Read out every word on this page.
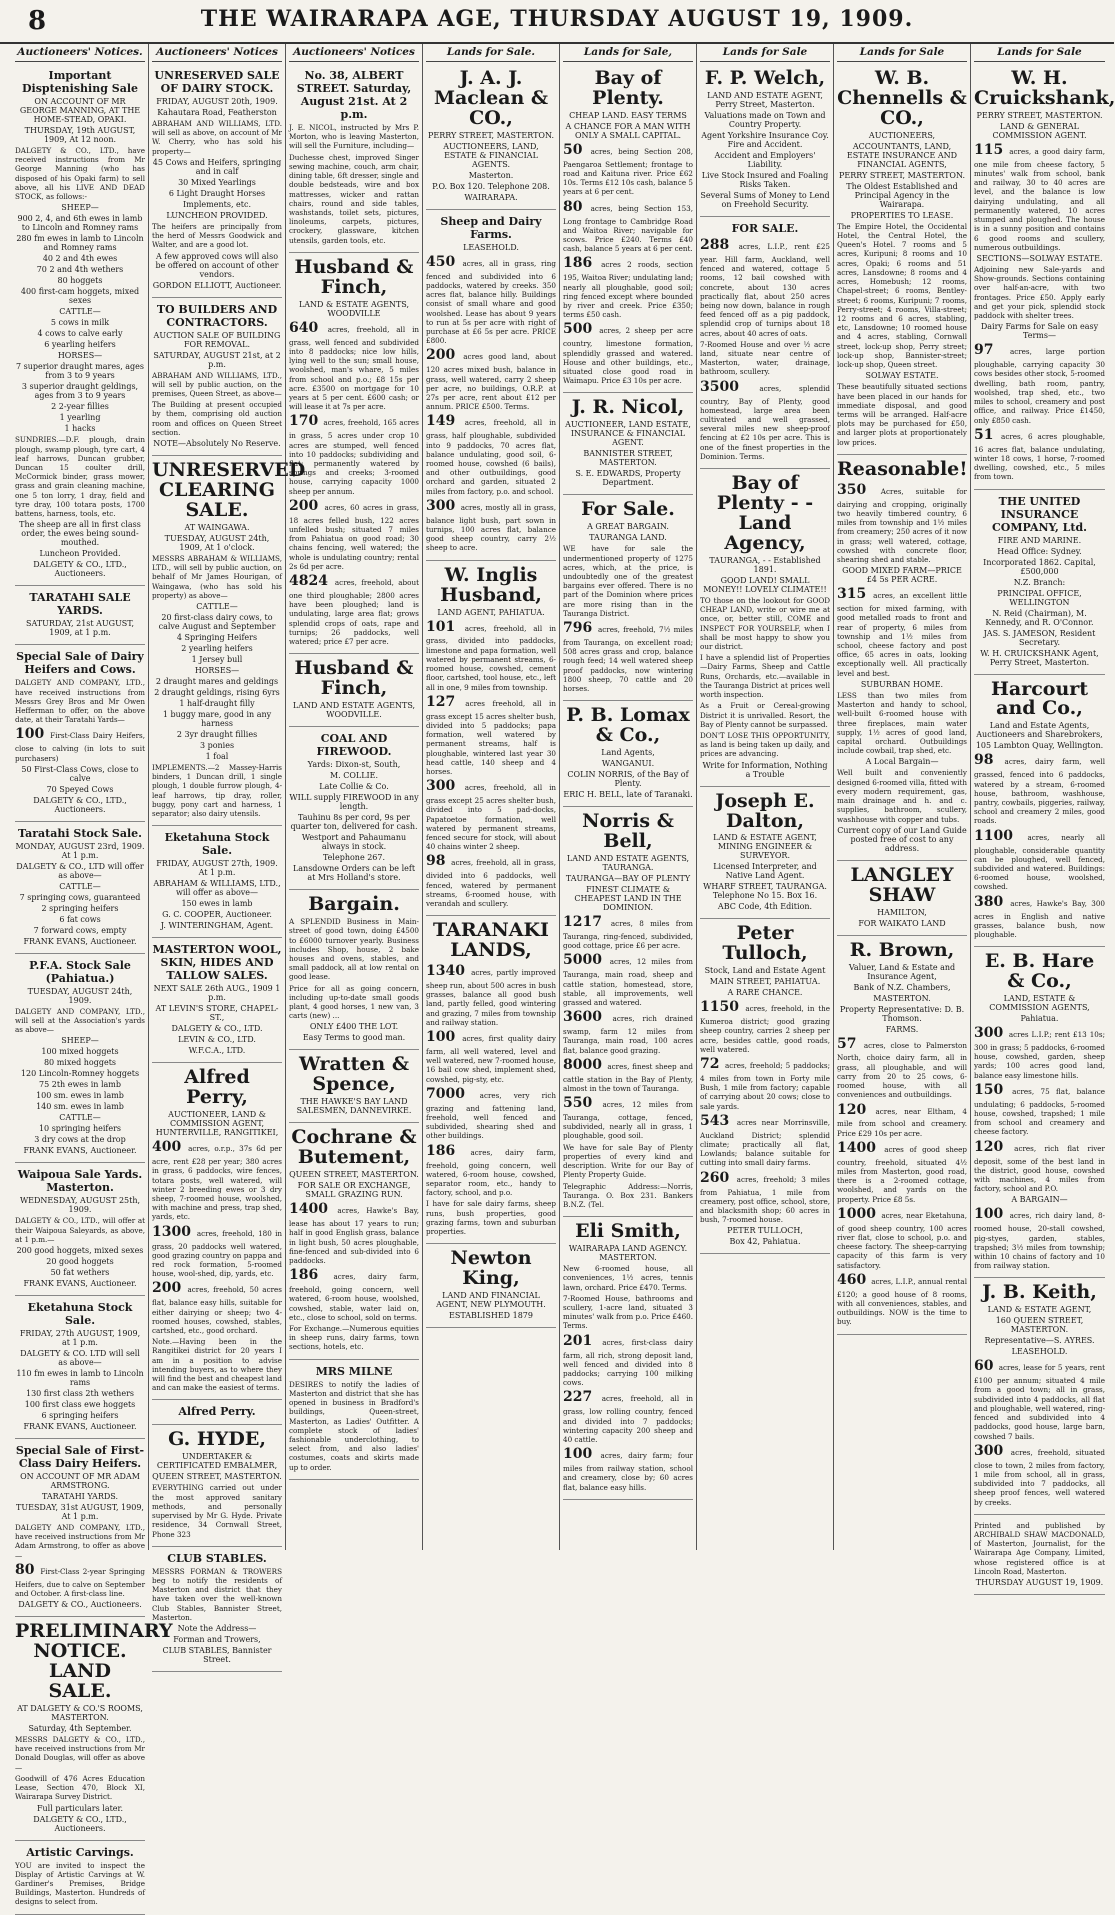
8	THE WAIRARAPA AGE, THURSDAY AUGUST 19, 1909.
Auctioneers' Notices.
Important Disptenishing Sale

ON ACCOUNT OF MR GEORGE MANNING, AT THE HOME-STEAD, OPAKI.

THURSDAY, 19th AUGUST, 1909, At 12 noon.

DALGETY & CO., LTD., have received instructions from Mr George Manning (who has disposed of his Opaki farm) to sell above, all his LIVE AND DEAD STOCK, as follows:-

SHEEP—

900 2, 4, and 6th ewes in lamb to Lincoln and Romney rams

280 fm ewes in lamb to Lincoln and Romney rams

40 2 and 4th ewes

70 2 and 4th wethers

80 hoggets

400 first-cam hoggets, mixed sexes

CATTLE—

5 cows in milk

4 cows to calve early

6 yearling heifers

HORSES—

7 superior draught mares, ages from 3 to 9 years

3 superior draught geldings, ages from 3 to 9 years

2 2-year fillies

1 yearling

1 hacks

SUNDRIES.—D.F. plough, drain plough, swamp plough, tyre cart, 4 leaf harrows, Duncan grubber, Duncan 15 coulter drill, McCormick binder, grass mower, grass and grain cleaning machine, one 5 ton lorry, 1 dray, field and tyre dray, 100 totara posts, 1700 battens, harness, tools, etc.

The sheep are all in first class order, the ewes being sound-mouthed.

Luncheon Provided.

DALGETY & CO., LTD., Auctioneers.

TARATAHI SALE YARDS.

SATURDAY, 21st AUGUST, 1909, at 1 p.m.

Special Sale of Dairy Heifers and Cows.

DALGETY AND COMPANY, LTD., have received instructions from Messrs Grey Bros and Mr Owen Hefferman to offer, on the above date, at their Taratahi Yards—

100 First-Class Dairy Heifers, close to calving (in lots to suit purchasers)

50 First-Class Cows, close to calve

70 Speyed Cows

DALGETY & CO., LTD., Auctioneers.

Taratahi Stock Sale.

MONDAY, AUGUST 23rd, 1909. At 1 p.m.

DALGETY & CO., LTD will offer as above—

CATTLE—

7 springing cows, guaranteed

2 springing heifers

6 fat cows

7 forward cows, empty

FRANK EVANS, Auctioneer.

P.F.A. Stock Sale (Pahiatua.)

TUESDAY, AUGUST 24th, 1909.

DALGETY AND COMPANY, LTD., will sell at the Association's yards as above—

SHEEP—

100 mixed hoggets

80 mixed hoggets

120 Lincoln-Romney hoggets

75 2th ewes in lamb

100 sm. ewes in lamb

140 sm. ewes in lamb

CATTLE—

10 springing heifers

3 dry cows at the drop

FRANK EVANS, Auctioneer.

Waipoua Sale Yards. Masterton.

WEDNESDAY, AUGUST 25th, 1909.

DALGETY & CO., LTD., will offer at their Waipoua Saleyards, as above, at 1 p.m.—

200 good hoggets, mixed sexes

20 good hoggets

50 fat wethers

FRANK EVANS, Auctioneer.

Eketahuna Stock Sale.

FRIDAY, 27th AUGUST, 1909, at 1 p.m.

DALGETY & CO. LTD will sell as above—

110 fm ewes in lamb to Lincoln rams

130 first class 2th wethers

100 first class ewe hoggets

6 springing heifers

FRANK EVANS, Auctioneer.

Special Sale of First-Class Dairy Heifers.

ON ACCOUNT OF MR ADAM ARMSTRONG.

TARATAHI YARDS.

TUESDAY, 31st AUGUST, 1909, At 1 p.m.

DALGETY AND COMPANY, LTD., have received instructions from Mr Adam Armstrong, to offer as above—

80 First-Class 2-year Springing Heifers, due to calve on September and October. A first-class line.

DALGETY & CO., Auctioneers.

PRELIMINARY NOTICE. LAND SALE.

AT DALGETY & CO.'S ROOMS, MASTERTON.

Saturday, 4th September.

MESSRS DALGETY & CO., LTD., have received instructions from Mr Donald Douglas, will offer as above—

Goodwill of 476 Acres Education Lease, Section 470, Block XI, Wairarapa Survey District.

Full particulars later.

DALGETY & CO., LTD., Auctioneers.

Artistic Carvings.

YOU are invited to inspect the Display of Artistic Carvings at W. Gardiner's Premises, Bridge Buildings, Masterton. Hundreds of designs to select from.

Auctioneers' Notices
UNRESERVED SALE OF DAIRY STOCK.

FRIDAY, AUGUST 20th, 1909.

Kahautara Road, Featherston

ABRAHAM AND WILLIAMS, LTD. will sell as above, on account of Mr W. Cherry, who has sold his property—

45 Cows and Heifers, springing and in calf

30 Mixed Yearlings

6 Light Draught Horses

Implements, etc.

LUNCHEON PROVIDED.

The heifers are principally from the herd of Messrs Goodwick and Walter, and are a good lot.

A few approved cows will also be offered on account of other vendors.

GORDON ELLIOTT, Auctioneer.

TO BUILDERS AND CONTRACTORS.

AUCTION SALE OF BUILDING FOR REMOVAL.

SATURDAY, AUGUST 21st, at 2 p.m.

ABRAHAM AND WILLIAMS, LTD., will sell by public auction, on the premises, Queen Street, as above—

The Building at present occupied by them, comprising old auction room and offices on Queen Street section.

NOTE—Absolutely No Reserve.

UNRESERVED CLEARING SALE.

AT WAINGAWA.

TUESDAY, AUGUST 24th, 1909, At 1 o'clock.

MESSRS ABRAHAM & WILLIAMS, LTD., will sell by public auction, on behalf of Mr James Hourigan, of Waingawa, (who has sold his property) as above—

CATTLE—

20 first-class dairy cows, to calve August and September

4 Springing Heifers

2 yearling heifers

1 Jersey bull

HORSES—

2 draught mares and geldings

2 draught geldings, rising 6yrs

1 half-draught filly

1 buggy mare, good in any harness

2 3yr draught fillies

3 ponies

1 foal

IMPLEMENTS.—2 Massey-Harris binders, 1 Duncan drill, 1 single plough, 1 double furrow plough, 4-leaf harrows, tip dray, roller, buggy, pony cart and harness, 1 separator; also dairy utensils.

Eketahuna Stock Sale.

FRIDAY, AUGUST 27th, 1909. At 1 p.m.

ABRAHAM & WILLIAMS, LTD., will offer as above—

150 ewes in lamb

G. C. COOPER, Auctioneer.

J. WINTERINGHAM, Agent.

MASTERTON WOOL, SKIN, HIDES AND TALLOW SALES.

NEXT SALE 26th AUG., 1909 1 p.m.

AT LEVIN'S STORE, CHAPEL-ST.,

DALGETY & CO., LTD.

LEVIN & CO., LTD.

W.F.C.A., LTD.

Alfred Perry,

AUCTIONEER, LAND & COMMISSION AGENT, HUNTERVILLE, RANGITIKEI,

400 acres, o.r.p., 37s 6d per acre, rent £28 per year; 380 acres in grass, 6 paddocks, wire fences, totara posts, well watered, will winter 2 breeding ewes or 3 dry sheep, 7-roomed house, woolshed, with machine and press, trap shed, yards, etc.

1300 acres, freehold, 180 in grass, 20 paddocks well watered, good grazing country on pappa and red rock formation, 5-roomed house, wool-shed, dip, yards, etc.

200 acres, freehold, 50 acres flat, balance easy hills, suitable for either dairying or sheep; two 4-roomed houses, cowshed, stables, cartshed, etc., good orchard.

Note.—Having been in the Rangitikei district for 20 years I am in a position to advise intending buyers, as to where they will find the best and cheapest land and can make the easiest of terms.

Alfred Perry.
G. HYDE,

UNDERTAKER & CERTIFICATED EMBALMER,

QUEEN STREET, MASTERTON.

EVERYTHING carried out under the most approved sanitary methods, and personally supervised by Mr G. Hyde. Private residence, 34 Cornwall Street, Phone 323

CLUB STABLES.

MESSRS FORMAN & TROWERS beg to notify the residents of Masterton and district that they have taken over the well-known Club Stables, Bannister Street, Masterton.

Note the Address—

Forman and Trowers,

CLUB STABLES, Bannister Street.

Auctioneers' Notices
No. 38, ALBERT STREET. Saturday, August 21st. At 2 p.m.

J. E. NICOL, instructed by Mrs P. Morton, who is leaving Masterton, will sell the Furniture, including—

Duchesse chest, improved Singer sewing machine, couch, arm chair, dining table, 6ft dresser, single and double bedsteads, wire and box mattresses, wicker and rattan chairs, round and side tables, washstands, toilet sets, pictures, linoleums, carpets, pictures, crockery, glassware, kitchen utensils, garden tools, etc.

Husband & Finch,

LAND & ESTATE AGENTS, WOODVILLE

640 acres, freehold, all in grass, well fenced and subdivided into 8 paddocks; nice low hills, lying well to the sun; small house, woolshed, man's whare, 5 miles from school and p.o.; £8 15s per acre. £3500 on mortgage for 10 years at 5 per cent. £600 cash; or will lease it at 7s per acre.

170 acres, freehold, 165 acres in grass, 5 acres under crop 10 acres are stumped, well fenced into 10 paddocks; subdividing and flat; permanently watered by springs and creeks; 3-roomed house, carrying capacity 1000 sheep per annum.

200 acres, 60 acres in grass, 18 acres felled bush, 122 acres unfelled bush; situated 7 miles from Pahiatua on good road; 30 chains fencing, well watered; the whole is undulating country; rental 2s 6d per acre.

4824 acres, freehold, about one third ploughable; 2800 acres have been ploughed; land is undulating, large area flat; grows splendid crops of oats, rape and turnips; 26 paddocks, well watered; price £7 per acre.

Husband & Finch,

LAND AND ESTATE AGENTS, WOODVILLE.

COAL AND FIREWOOD.

Yards: Dixon-st, South,

M. COLLIE.

Late Collie & Co.

WILL supply FIREWOOD in any length.

Tauhinu 8s per cord, 9s per quarter ton, delivered for cash.

Westport and Pahaumanu always in stock.

Telephone 267.

Lansdowne Orders can be left at Mrs Holland's store.

Bargain.

A SPLENDID Business in Main-street of good town, doing £4500 to £6000 turnover yearly. Business includes Shop, house, 2 bake houses and ovens, stables, and small paddock, all at low rental on good lease.

Price for all as going concern, including up-to-date small goods plant, 4 good horses, 1 new van, 3 carts (new) ...

ONLY £400 THE LOT.

Easy Terms to good man.

Wratten & Spence,

THE HAWKE'S BAY LAND SALESMEN, DANNEVIRKE.

Cochrane & Butement,

QUEEN STREET, MASTERTON.

FOR SALE OR EXCHANGE, SMALL GRAZING RUN.

1400 acres, Hawke's Bay, lease has about 17 years to run; half in good English grass, balance in light bush, 50 acres ploughable, fine-fenced and sub-divided into 6 paddocks.

186 acres, dairy farm, freehold, going concern, well watered, 6-room house, woolshed, cowshed, stable, water laid on, etc., close to school, sold on terms.

For Exchange.—Numerous equities in sheep runs, dairy farms, town sections, hotels, etc.

MRS MILNE

DESIRES to notify the ladies of Masterton and district that she has opened in business in Bradford's buildings, Queen-street, Masterton, as Ladies' Outfitter. A complete stock of ladies' fashionable underclothing, to select from, and also ladies' costumes, coats and skirts made up to order.

Lands for Sale.
J. A. J. Maclean & CO.,

PERRY STREET, MASTERTON.

AUCTIONEERS, LAND, ESTATE & FINANCIAL AGENTS.

Masterton.

P.O. Box 120. Telephone 208.

WAIRARAPA.

Sheep and Dairy Farms.

LEASEHOLD.

450 acres, all in grass, ring fenced and subdivided into 6 paddocks, watered by creeks. 350 acres flat, balance hilly. Buildings consist of small whare and good woolshed. Lease has about 9 years to run at 5s per acre with right of purchase at £6 5s per acre. PRICE £800.

200 acres good land, about 120 acres mixed bush, balance in grass, well watered, carry 2 sheep per acre, no buildings, O.R.P. at 27s per acre, rent about £12 per annum. PRICE £500. Terms.

149 acres, freehold, all in grass, half ploughable, subdivided into 9 paddocks, 70 acres flat, balance undulating, good soil, 6-roomed house, cowshed (6 bails), and other outbuildings, good orchard and garden, situated 2 miles from factory, p.o. and school.

300 acres, mostly all in grass, balance light bush, part sown in turnips, 100 acres flat, balance good sheep country, carry 2½ sheep to acre.

W. Inglis Husband,

LAND AGENT, PAHIATUA.

101 acres, freehold, all in grass, divided into paddocks, limestone and papa formation, well watered by permanent streams, 6-roomed house, cowshed, cement floor, cartshed, tool house, etc., left all in one, 9 miles from township.

127 acres freehold, all in grass except 15 acres shelter bush, divided into 5 paddocks; papa formation, well watered by permanent streams, half is ploughable, wintered last year 30 head cattle, 140 sheep and 4 horses.

300 acres, freehold, all in grass except 25 acres shelter bush, divided into 5 pad-docks, Papatoetoe formation, well watered by permanent streams, fenced secure for stock, will about 40 chains winter 2 sheep.

98 acres, freehold, all in grass, divided into 6 paddocks, well fenced, watered by permanent streams, 6-roomed house, with verandah and scullery.

TARANAKI LANDS,

1340 acres, partly improved sheep run, about 500 acres in bush grasses, balance all good bush land, partly felled, good wintering and grazing, 7 miles from township and railway station.

100 acres, first quality dairy farm, all well watered, level and well watered, new 7-roomed house, 16 bail cow shed, implement shed, cowshed, pig-sty, etc.

7000 acres, very rich grazing and fattening land, freehold, well fenced and subdivided, shearing shed and other buildings.

186 acres, dairy farm, freehold, going concern, well watered, 6-room house, cowshed, separator room, etc., handy to factory, school, and p.o.

I have for sale dairy farms, sheep runs, bush properties, good grazing farms, town and suburban properties.

Newton King,

LAND AND FINANCIAL AGENT, NEW PLYMOUTH.

ESTABLISHED 1879

Lands for Sale,
Bay of Plenty.

CHEAP LAND. EASY TERMS

A CHANCE FOR A MAN WITH ONLY A SMALL CAPITAL.

50 acres, being Section 208, Paengaroa Settlement; frontage to road and Kaituna river. Price £62 10s. Terms £12 10s cash, balance 5 years at 6 per cent.

80 acres, being Section 153, Long frontage to Cambridge Road and Waitoa River; navigable for scows. Price £240. Terms £40 cash, balance 5 years at 6 per cent.

186 acres 2 roods, section 195, Waitoa River; undulating land; nearly all ploughable, good soil; ring fenced except where bounded by river and creek. Price £350; terms £50 cash.

500 acres, 2 sheep per acre country, limestone formation, splendidly grassed and watered. House and other buildings, etc., situated close good road in Waimapu. Price £3 10s per acre.

J. R. Nicol,

AUCTIONEER, LAND ESTATE, INSURANCE & FINANCIAL AGENT.

BANNISTER STREET, MASTERTON.

S. E. EDWARDS, Property Department.

For Sale.

A GREAT BARGAIN.

TAURANGA LAND.

WE have for sale the undermentioned property of 1275 acres, which, at the price, is undoubtedly one of the greatest bargains ever offered. There is no part of the Dominion where prices are more rising than in the Tauranga District.

796 acres, freehold, 7½ miles from Tauranga, on excellent road; 508 acres grass and crop, balance rough feed; 14 well watered sheep proof paddocks, now wintering 1800 sheep, 70 cattle and 20 horses.

P. B. Lomax & Co.,

Land Agents,

WANGANUI.

COLIN NORRIS, of the Bay of Plenty.

ERIC H. BELL, late of Taranaki.

Norris & Bell,

LAND AND ESTATE AGENTS, TAURANGA.

TAURANGA—BAY OF PLENTY

FINEST CLIMATE & CHEAPEST LAND IN THE DOMINION.

1217 acres, 8 miles from Tauranga, ring-fenced, subdivided, good cottage, price £6 per acre.

5000 acres, 12 miles from Tauranga, main road, sheep and cattle station, homestead, store, stable, all improvements, well grassed and watered.

3600 acres, rich drained swamp, farm 12 miles from Tauranga, main road, 100 acres flat, balance good grazing.

8000 acres, finest sheep and cattle station in the Bay of Plenty, almost in the town of Tauranga.

550 acres, 12 miles from Tauranga, cottage, fenced, subdivided, nearly all in grass, 1 ploughable, good soil.

We have for sale Bay of Plenty properties of every kind and description. Write for our Bay of Plenty Property Guide.

Telegraphic Address:—Norris, Tauranga. O. Box 231. Bankers B.N.Z. (Tel.

Eli Smith,

WAIRARAPA LAND AGENCY. MASTERTON.

New 6-roomed house, all conveniences, 1½ acres, tennis lawn, orchard. Price £470. Terms.

7-Roomed House, bathrooms and scullery, 1-acre land, situated 3 minutes' walk from p.o. Price £460. Terms.

201 acres, first-class dairy farm, all rich, strong deposit land, well fenced and divided into 8 paddocks; carrying 100 milking cows.

227 acres, freehold, all in grass, low rolling country, fenced and divided into 7 paddocks; wintering capacity 200 sheep and 40 cattle.

100 acres, dairy farm; four miles from railway station, school and creamery, close by; 60 acres flat, balance easy hills.

Lands for Sale
F. P. Welch,

LAND AND ESTATE AGENT, Perry Street, Masterton.

Valuations made on Town and Country Property.

Agent Yorkshire Insurance Coy. Fire and Accident.

Accident and Employers' Liability.

Live Stock Insured and Foaling Risks Taken.

Several Sums of Money to Lend on Freehold Security.

FOR SALE.

288 acres, L.I.P., rent £25 year. Hill farm, Auckland, well fenced and watered, cottage 5 rooms, 12 bail cowshed with concrete, about 130 acres practically flat, about 250 acres being now down, balance in rough feed fenced off as a pig paddock, splendid crop of turnips about 18 acres, about 40 acres of oats.

7-Roomed House and over ½ acre land, situate near centre of Masterton, water, drainage, bathroom, scullery.

3500 acres, splendid country, Bay of Plenty, good homestead, large area been cultivated and well grassed, several miles new sheep-proof fencing at £2 10s per acre. This is one of the finest properties in the Dominion. Terms.

Bay of Plenty - - Land Agency,

TAURANGA, - - Established 1891.

GOOD LAND! SMALL MONEY!! LOVELY CLIMATE!!

TO those on the lookout for GOOD CHEAP LAND, write or wire me at once, or, better still, COME and INSPECT FOR YOURSELF, when I shall be most happy to show you our district.

I have a splendid list of Properties—Dairy Farms, Sheep and Cattle Runs, Orchards, etc.—available in the Tauranga District at prices well worth inspection.

As a Fruit or Cereal-growing District it is unrivalled. Resort, the Bay of Plenty cannot be surpassed.

DON'T LOSE THIS OPPORTUNITY, as land is being taken up daily, and prices are advancing.

Write for Information, Nothing a Trouble

Joseph E. Dalton,

LAND & ESTATE AGENT, MINING ENGINEER & SURVEYOR.

Licensed Interpreter, and Native Land Agent.

WHARF STREET, TAURANGA. Telephone No 15. Box 16.

ABC Code, 4th Edition.

Peter Tulloch,

Stock, Land and Estate Agent

MAIN STREET, PAHIATUA.

A RARE CHANCE.

1150 acres, freehold, in the Kumeroa district; good grazing sheep country, carries 2 sheep per acre, besides cattle, good roads, well watered.

72 acres, freehold; 5 paddocks; 4 miles from town in Forty mile Bush, 1 mile from factory; capable of carrying about 20 cows; close to sale yards.

543 acres near Morrinsville, Auckland District; splendid climate; practically all flat, Lowlands; balance suitable for cutting into small dairy farms.

260 acres, freehold; 3 miles from Pahiatua, 1 mile from creamery, post office, school, store, and blacksmith shop; 60 acres in bush, 7-roomed house.

PETER TULLOCH,

Box 42, Pahiatua.

Lands for Sale
W. B. Chennells & CO.,

AUCTIONEERS,

ACCOUNTANTS, LAND, ESTATE INSURANCE AND FINANCIAL AGENTS,

PERRY STREET, MASTERTON.

The Oldest Established and Principal Agency in the Wairarapa.

PROPERTIES TO LEASE.

The Empire Hotel, the Occidental Hotel, the Central Hotel, the Queen's Hotel. 7 rooms and 5 acres, Kuripuni; 8 rooms and 10 acres, Opaki; 6 rooms and 51 acres, Lansdowne; 8 rooms and 4 acres, Homebush; 12 rooms, Chapel-street; 6 rooms, Bentley-street; 6 rooms, Kuripuni; 7 rooms, Perry-street; 4 rooms, Villa-street; 12 rooms and 6 acres, stabling, etc, Lansdowne; 10 roomed house and 4 acres, stabling, Cornwall street, lock-up shop, Perry street; lock-up shop, Bannister-street; lock-up shop, Queen street.

SOLWAY ESTATE.

These beautifully situated sections have been placed in our hands for immediate disposal, and good terms will be arranged. Half-acre plots may be purchased for £50, and larger plots at proportionately low prices.

Reasonable!

350 Acres, suitable for dairying and cropping, originally two heavily timbered country, 6 miles from township and 1½ miles from creamery; 250 acres of it now in grass; well watered, cottage, cowshed with concrete floor, shearing shed and stable.

GOOD MIXED FARM—PRICE £4 5s PER ACRE.

315 acres, an excellent little section for mixed farming, with good metalled roads to front and rear of property, 6 miles from township and 1½ miles from school, cheese factory and post office, 65 acres in oats, looking exceptionally well. All practically level and best.

SUBURBAN HOME.

LESS than two miles from Masterton and handy to school, well-built 6-roomed house with three fireplaces, main water supply, 1½ acres of good land, capital orchard. Outbuildings include cowbail, trap shed, etc.

A Local Bargain—

Well built and conveniently designed 6-roomed villa, fitted with every modern requirement, gas, main drainage and h. and c. supplies, bathroom, scullery, washhouse with copper and tubs.

Current copy of our Land Guide posted free of cost to any address.

LANGLEY SHAW

HAMILTON,

FOR WAIKATO LAND

R. Brown,

Valuer, Land & Estate and Insurance Agent,

Bank of N.Z. Chambers,

MASTERTON.

Property Representative: D. B. Thomson.

FARMS.

57 acres, close to Palmerston North, choice dairy farm, all in grass, all ploughable, and will carry from 20 to 25 cows, 6-roomed house, with all conveniences and outbuildings.

120 acres, near Eltham, 4 mile from school and creamery. Price £29 10s per acre.

1400 acres of good sheep country, freehold, situated 4½ miles from Masterton, good road, there is a 2-roomed cottage, woolshed, and yards on the property. Price £8 5s.

1000 acres, near Eketahuna, of good sheep country, 100 acres river flat, close to school, p.o. and cheese factory. The sheep-carrying capacity of this farm is very satisfactory.

460 acres, L.I.P., annual rental £120; a good house of 8 rooms, with all conveniences, stables, and outbuildings. NOW is the time to buy.

Lands for Sale
W. H. Cruickshank,

PERRY STREET, MASTERTON.

LAND & GENERAL COMMISSION AGENT.

115 acres, a good dairy farm, one mile from cheese factory, 5 minutes' walk from school, bank and railway, 30 to 40 acres are level, and the balance is low dairying undulating, and all permanently watered, 10 acres stumped and ploughed. The house is in a sunny position and contains 6 good rooms and scullery, numerous outbuildings.

SECTIONS—SOLWAY ESTATE.

Adjoining new Sale-yards and Show-grounds. Sections containing over half-an-acre, with two frontages. Price £50. Apply early and get your pick, splendid stock paddock with shelter trees.

Dairy Farms for Sale on easy Terms—

97 acres, large portion ploughable, carrying capacity 30 cows besides other stock, 5-roomed dwelling, bath room, pantry, woolshed, trap shed, etc., two miles to school, creamery and post office, and railway. Price £1450, only £850 cash.

51 acres, 6 acres ploughable, 16 acres flat, balance undulating, winter 18 cows, 1 horse, 7-roomed dwelling, cowshed, etc., 5 miles from town.

THE UNITED INSURANCE COMPANY, Ltd.

FIRE AND MARINE.

Head Office: Sydney.

Incorporated 1862. Capital, £500,000

N.Z. Branch:

PRINCIPAL OFFICE, WELLINGTON

N. Reid (Chairman), M. Kennedy, and R. O'Connor.

JAS. S. JAMESON, Resident Secretary.

W. H. CRUICKSHANK Agent, Perry Street, Masterton.

Harcourt and Co.,

Land and Estate Agents, Auctioneers and Sharebrokers,

105 Lambton Quay, Wellington.

98 acres, dairy farm, well grassed, fenced into 6 paddocks, watered by a stream, 6-roomed house, bathroom, washhouse, pantry, cowbails, piggeries, railway, school and creamery 2 miles, good roads.

1100 acres, nearly all ploughable, considerable quantity can be ploughed, well fenced, subdivided and watered. Buildings: 6-roomed house, woolshed, cowshed.

380 acres, Hawke's Bay, 300 acres in English and native grasses, balance bush, now ploughable.

E. B. Hare & Co.,

LAND, ESTATE & COMMISSION AGENTS,

Pahiatua.

300 acres L.I.P.; rent £13 10s; 300 in grass; 5 paddocks, 6-roomed house, cowshed, garden, sheep yards; 100 acres good land, balance easy limestone hills.

150 acres, 75 flat, balance undulating; 6 paddocks, 5-roomed house, cowshed, trapshed; 1 mile from school and creamery and cheese factory.

120 acres, rich flat river deposit, some of the best land in the district, good house, cowshed with machines, 4 miles from factory, school and P.O.

A BARGAIN—

100 acres, rich dairy land, 8-roomed house, 20-stall cowshed, pig-styes, garden, stables, trapshed; 3½ miles from township; within 10 chains of factory and 10 from railway station.

J. B. Keith,

LAND & ESTATE AGENT,

160 QUEEN STREET, MASTERTON.

Representative—S. AYRES.

LEASEHOLD.

60 acres, lease for 5 years, rent £100 per annum; situated 4 mile from a good town; all in grass, subdivided into 4 paddocks, all flat and ploughable, well watered, ring-fenced and subdivided into 4 paddocks, good house, large barn, cowshed 7 bails.

300 acres, freehold, situated close to town, 2 miles from factory, 1 mile from school, all in grass, subdivided into 7 paddocks, all sheep proof fences, well watered by creeks.

Printed and published by ARCHIBALD SHAW MACDONALD, of Masterton, Journalist, for the Wairarapa Age Company, Limited, whose registered office is at Lincoln Road, Masterton.

THURSDAY AUGUST 19, 1909.
